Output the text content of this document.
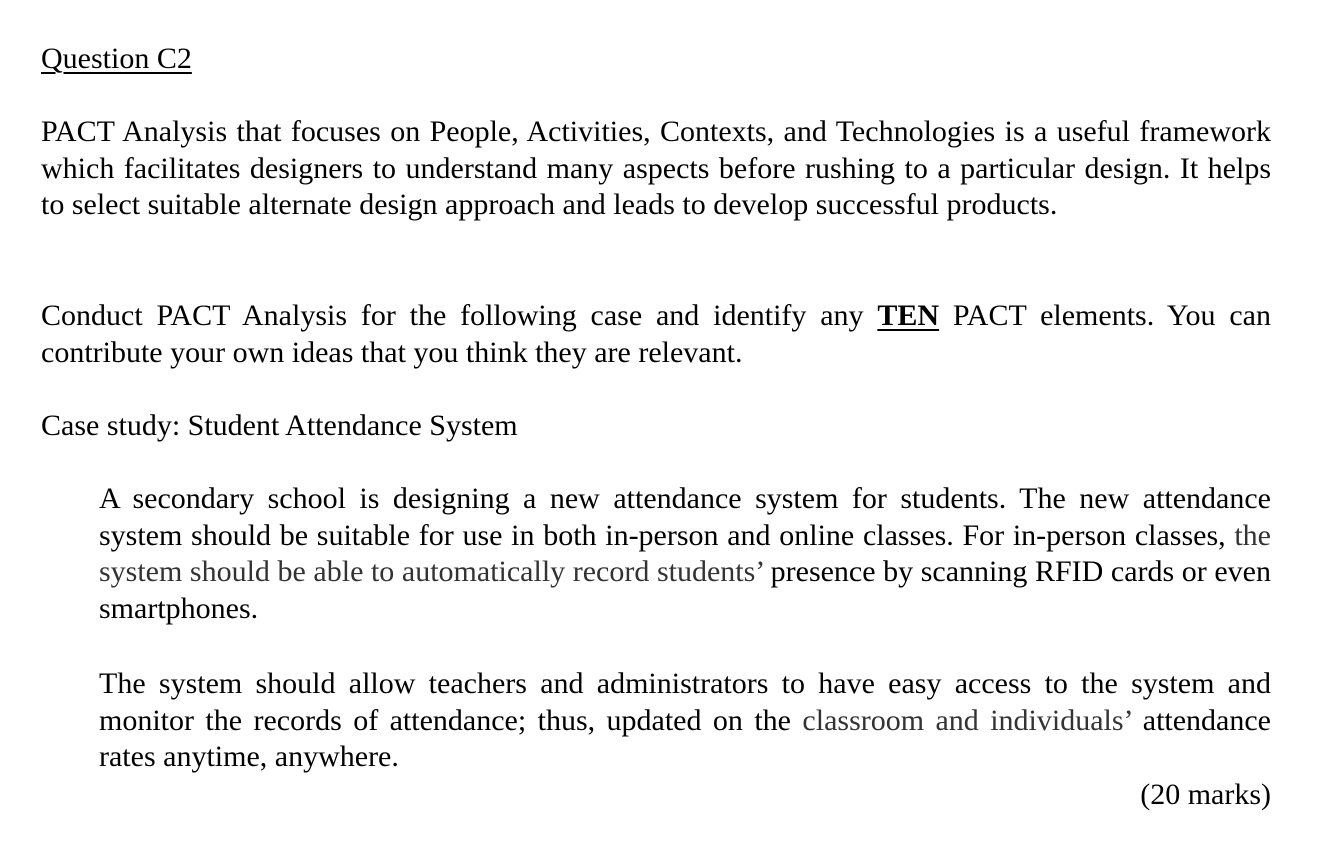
Question C2

PACT Analysis that focuses on People, Activities, Contexts, and Technologies is a useful framework which facilitates designers to understand many aspects before rushing to a particular design. It helps to select suitable alternate design approach and leads to develop successful products.

Conduct PACT Analysis for the following case and identify any TEN PACT elements. You can contribute your own ideas that you think they are relevant.

Case study: Student Attendance System

A secondary school is designing a new attendance system for students. The new attendance system should be suitable for use in both in-person and online classes. For in-person classes, the system should be able to automatically record students’ presence by scanning RFID cards or even smartphones.

The system should allow teachers and administrators to have easy access to the system and monitor the records of attendance; thus, updated on the classroom and individuals’ attendance rates anytime, anywhere.

(20 marks)
